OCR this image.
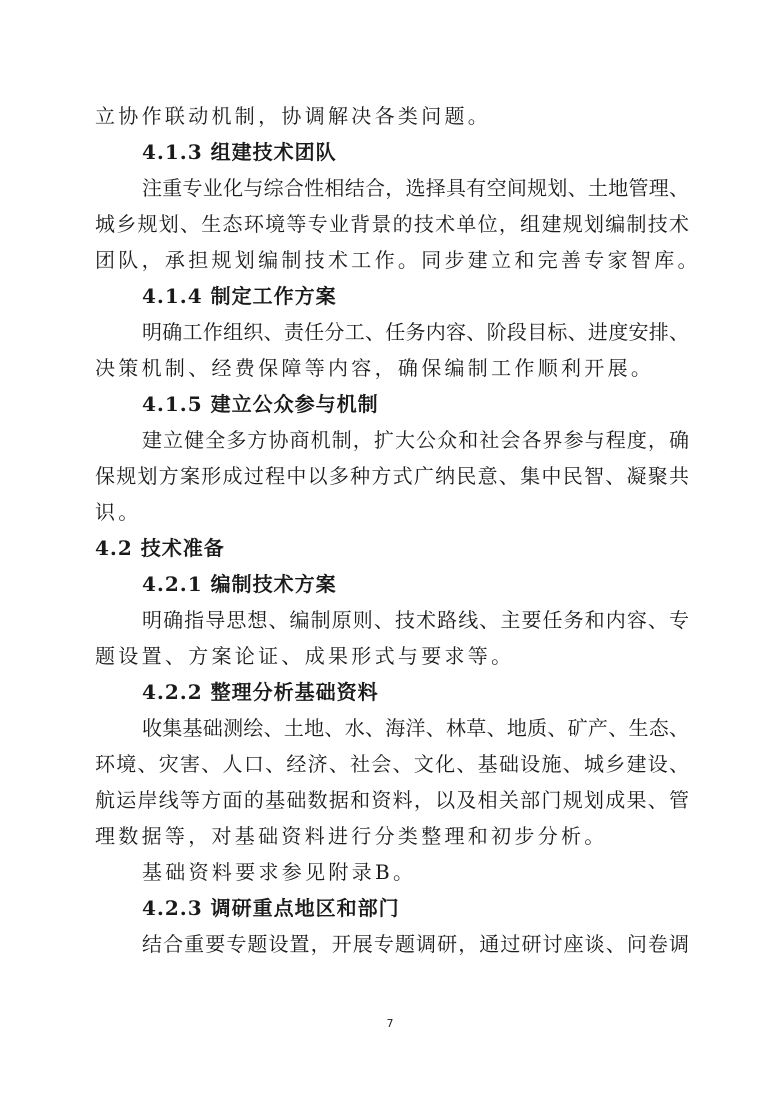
立协作联动机制，协调解决各类问题。
4.1.3 组建技术团队
注重专业化与综合性相结合，选择具有空间规划、土地管理、
城乡规划、生态环境等专业背景的技术单位，组建规划编制技术
团队，承担规划编制技术工作。同步建立和完善专家智库。
4.1.4 制定工作方案
明确工作组织、责任分工、任务内容、阶段目标、进度安排、
决策机制、经费保障等内容，确保编制工作顺利开展。
4.1.5 建立公众参与机制
建立健全多方协商机制，扩大公众和社会各界参与程度，确
保规划方案形成过程中以多种方式广纳民意、集中民智、凝聚共
识。
4.2 技术准备
4.2.1 编制技术方案
明确指导思想、编制原则、技术路线、主要任务和内容、专
题设置、方案论证、成果形式与要求等。
4.2.2 整理分析基础资料
收集基础测绘、土地、水、海洋、林草、地质、矿产、生态、
环境、灾害、人口、经济、社会、文化、基础设施、城乡建设、
航运岸线等方面的基础数据和资料，以及相关部门规划成果、管
理数据等，对基础资料进行分类整理和初步分析。
基础资料要求参见附录B。
4.2.3 调研重点地区和部门
结合重要专题设置，开展专题调研，通过研讨座谈、问卷调
7
